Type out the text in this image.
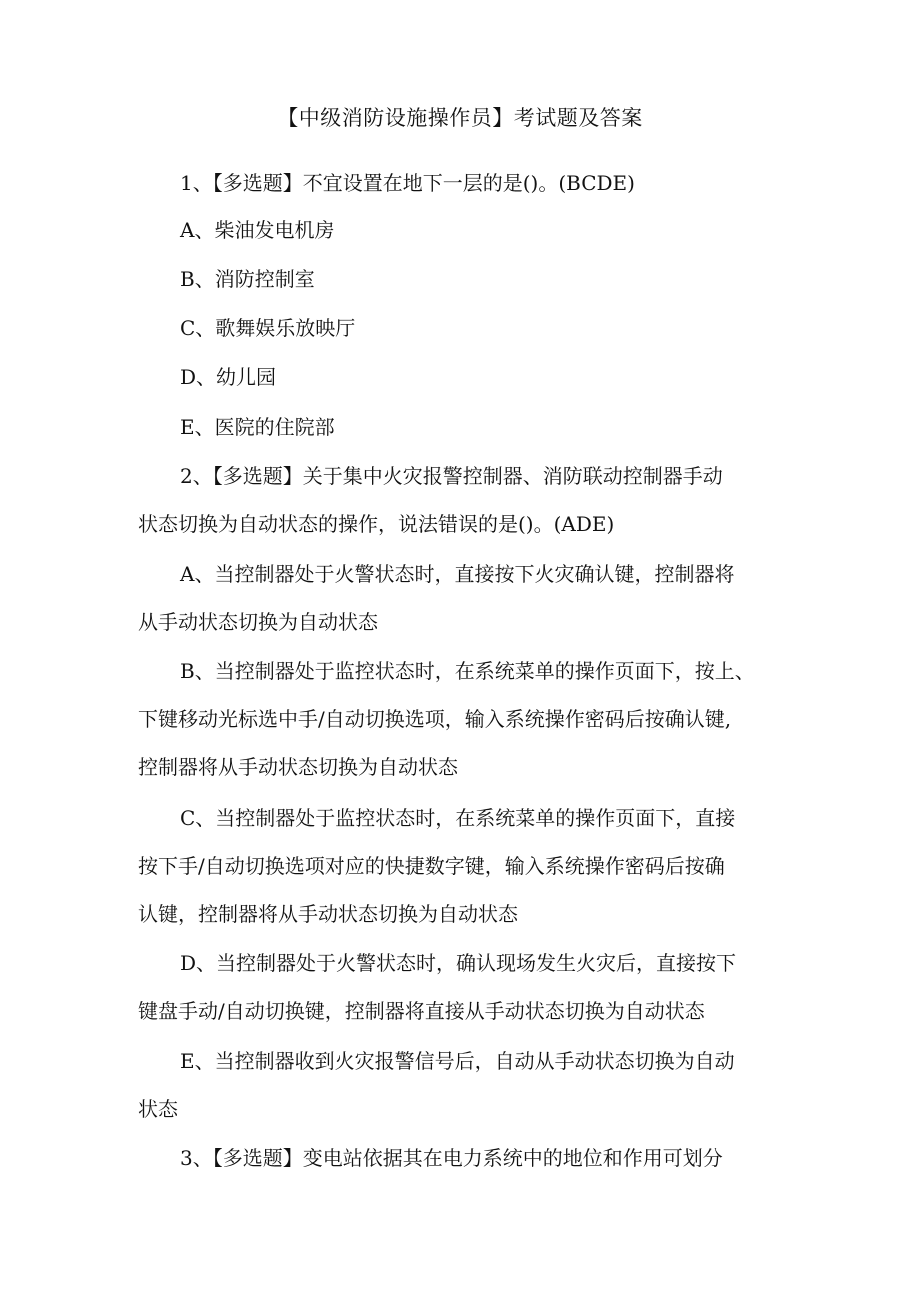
【中级消防设施操作员】考试题及答案

1、【多选题】不宜设置在地下一层的是()。(BCDE)

A、柴油发电机房

B、消防控制室

C、歌舞娱乐放映厅

D、幼儿园

E、医院的住院部

2、【多选题】关于集中火灾报警控制器、消防联动控制器手动

状态切换为自动状态的操作，说法错误的是()。(ADE)

A、当控制器处于火警状态时，直接按下火灾确认键，控制器将

从手动状态切换为自动状态

B、当控制器处于监控状态时，在系统菜单的操作页面下，按上、

下键移动光标选中手/自动切换选项，输入系统操作密码后按确认键,

控制器将从手动状态切换为自动状态

C、当控制器处于监控状态时，在系统菜单的操作页面下，直接

按下手/自动切换选项对应的快捷数字键，输入系统操作密码后按确

认键，控制器将从手动状态切换为自动状态

D、当控制器处于火警状态时，确认现场发生火灾后，直接按下

键盘手动/自动切换键，控制器将直接从手动状态切换为自动状态

E、当控制器收到火灾报警信号后，自动从手动状态切换为自动

状态

3、【多选题】变电站依据其在电力系统中的地位和作用可划分
